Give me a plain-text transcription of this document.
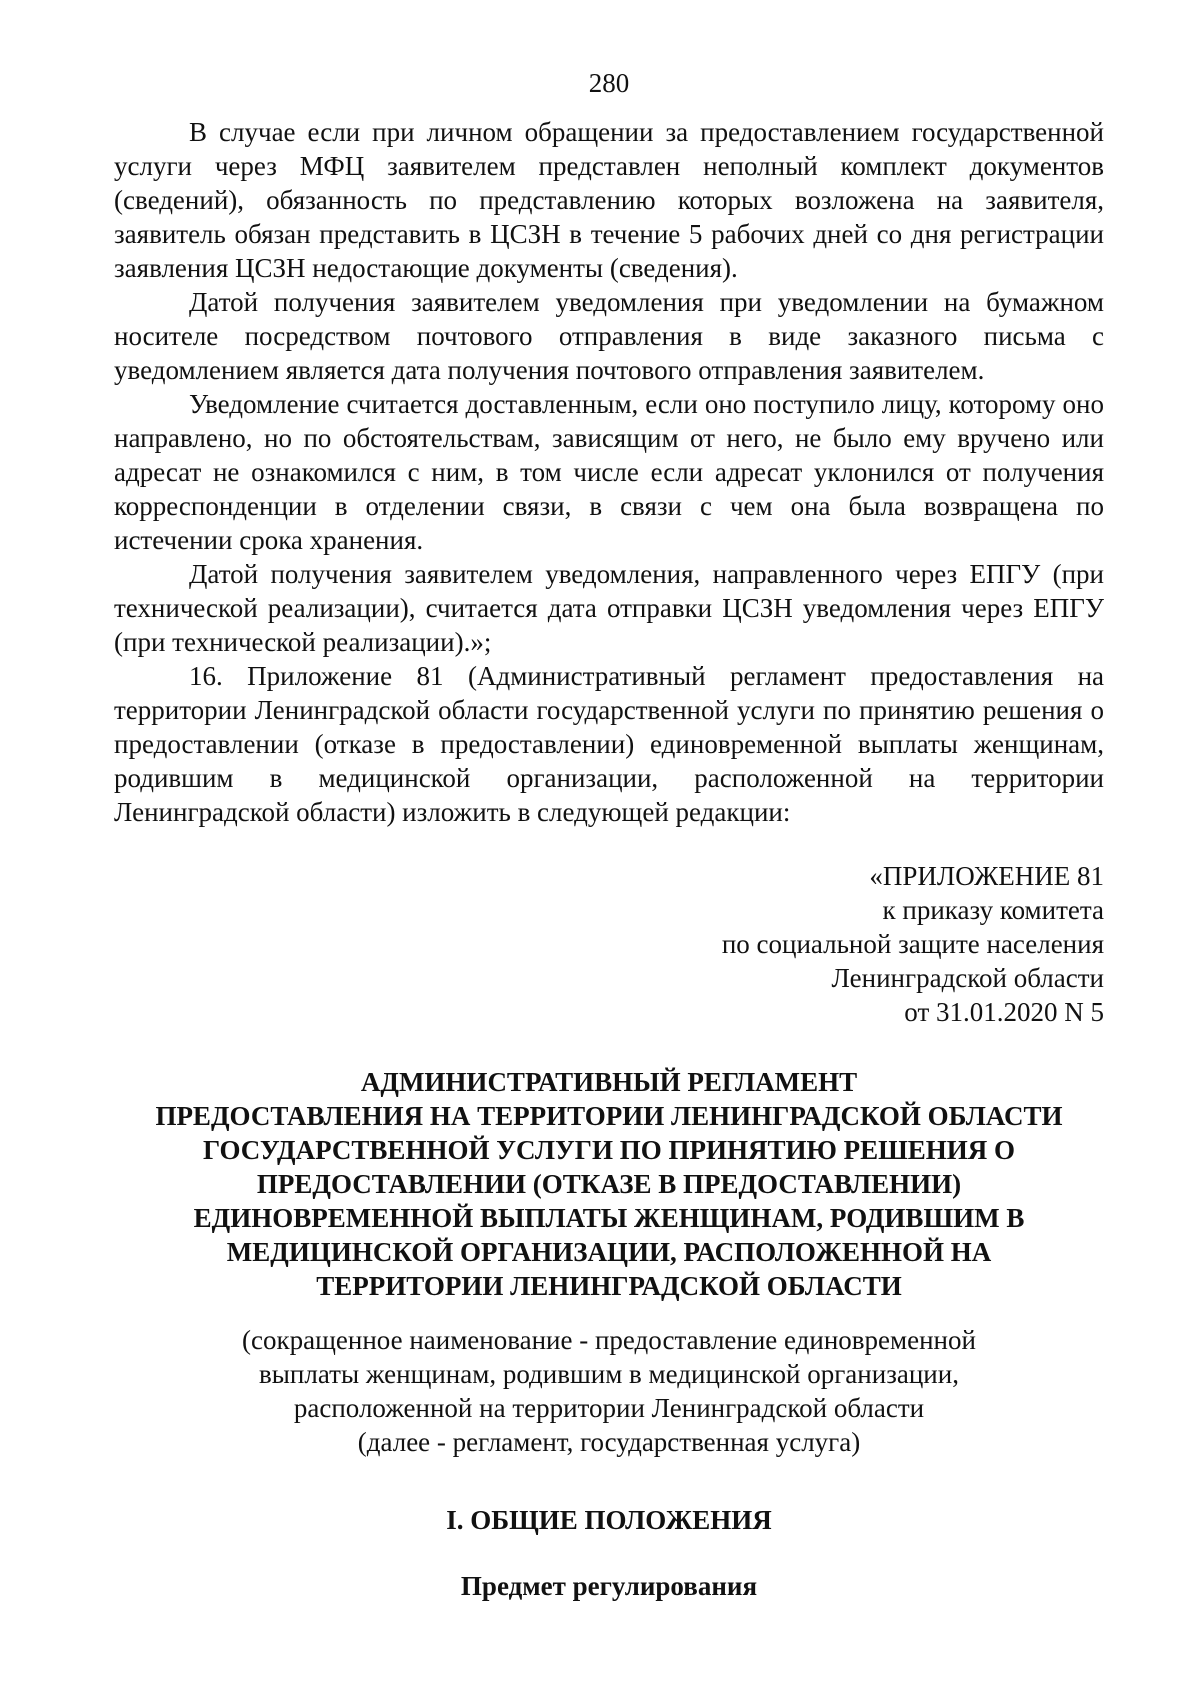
280

В случае если при личном обращении за предоставлением государственной услуги через МФЦ заявителем представлен неполный комплект документов (сведений), обязанность по представлению которых возложена на заявителя, заявитель обязан представить в ЦСЗН в течение 5 рабочих дней со дня регистрации заявления ЦСЗН недостающие документы (сведения).

Датой получения заявителем уведомления при уведомлении на бумажном носителе посредством почтового отправления в виде заказного письма с уведомлением является дата получения почтового отправления заявителем.

Уведомление считается доставленным, если оно поступило лицу, которому оно направлено, но по обстоятельствам, зависящим от него, не было ему вручено или адресат не ознакомился с ним, в том числе если адресат уклонился от получения корреспонденции в отделении связи, в связи с чем она была возвращена по истечении срока хранения.

Датой получения заявителем уведомления, направленного через ЕПГУ (при технической реализации), считается дата отправки ЦСЗН уведомления через ЕПГУ (при технической реализации).»;

16. Приложение 81 (Административный регламент предоставления на территории Ленинградской области государственной услуги по принятию решения о предоставлении (отказе в предоставлении) единовременной выплаты женщинам, родившим в медицинской организации, расположенной на территории Ленинградской области) изложить в следующей редакции:

«ПРИЛОЖЕНИЕ 81
к приказу комитета
по социальной защите населения
Ленинградской области
от 31.01.2020 N 5
АДМИНИСТРАТИВНЫЙ РЕГЛАМЕНТ
ПРЕДОСТАВЛЕНИЯ НА ТЕРРИТОРИИ ЛЕНИНГРАДСКОЙ ОБЛАСТИ
ГОСУДАРСТВЕННОЙ УСЛУГИ ПО ПРИНЯТИЮ РЕШЕНИЯ О
ПРЕДОСТАВЛЕНИИ (ОТКАЗЕ В ПРЕДОСТАВЛЕНИИ)
ЕДИНОВРЕМЕННОЙ ВЫПЛАТЫ ЖЕНЩИНАМ, РОДИВШИМ В
МЕДИЦИНСКОЙ ОРГАНИЗАЦИИ, РАСПОЛОЖЕННОЙ НА
ТЕРРИТОРИИ ЛЕНИНГРАДСКОЙ ОБЛАСТИ
(сокращенное наименование - предоставление единовременной
выплаты женщинам, родившим в медицинской организации,
расположенной на территории Ленинградской области
(далее - регламент, государственная услуга)
I. ОБЩИЕ ПОЛОЖЕНИЯ
Предмет регулирования
